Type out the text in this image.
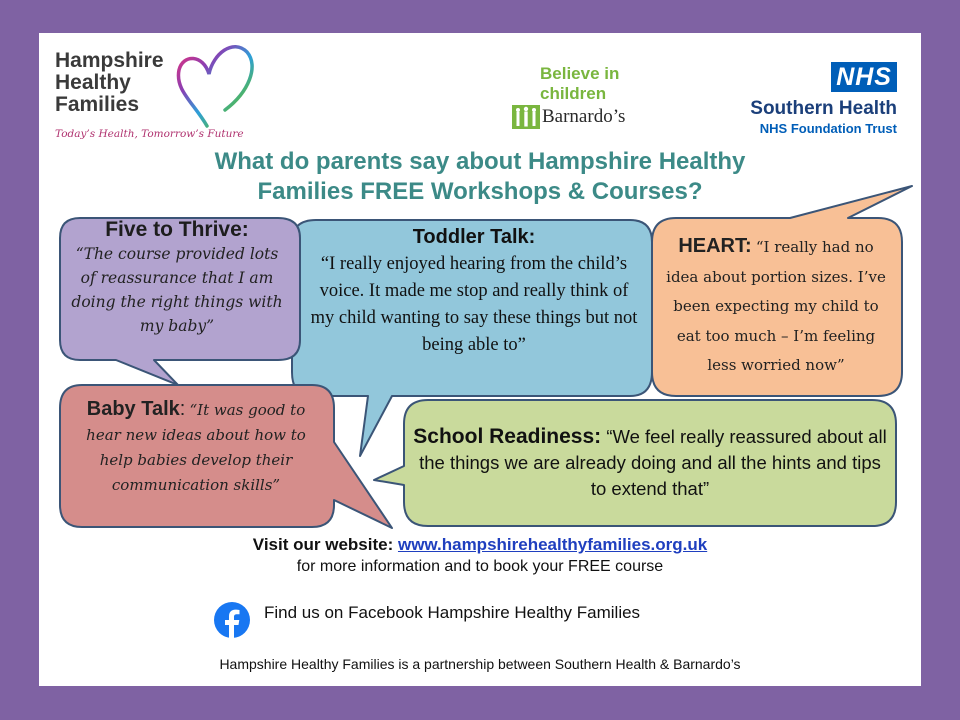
Hampshire
Healthy
Families
Today’s Health, Tomorrow’s Future
Believe in
children
Barnardo’s
NHS
Southern Health
NHS Foundation Trust
What do parents say about Hampshire Healthy
Families FREE Workshops & Courses?
Five to Thrive:
“The course provided lots of reassurance that I am doing the right things with my baby”
Toddler Talk:
“I really enjoyed hearing from the child’s voice. It made me stop and really think of my child wanting to say these things but not being able to”
HEART: “I really had no idea about portion sizes. I’ve been expecting my child to eat too much – I’m feeling less worried now”
Baby Talk: “It was good to hear new ideas about how to help babies develop their communication skills”
School Readiness: “We feel really reassured about all the things we are already doing and all the hints and tips to extend that”
Visit our website: www.hampshirehealthyfamilies.org.uk
for more information and to book your FREE course
Find us on Facebook Hampshire Healthy Families
Hampshire Healthy Families is a partnership between Southern Health & Barnardo’s
